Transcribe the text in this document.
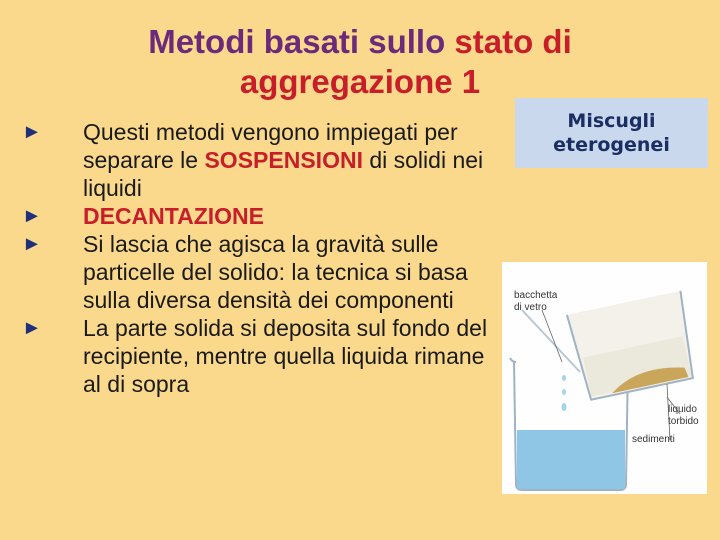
Metodi basati sullo stato di
aggregazione 1
► Questi metodi vengono impiegati per separare le SOSPENSIONI di solidi nei liquidi
► DECANTAZIONE
► Si lascia che agisca la gravità sulle particelle del solido: la tecnica si basa sulla diversa densità dei componenti
► La parte solida si deposita sul fondo del recipiente, mentre quella liquida rimane al di sopra
Miscugli
eterogenei
bacchetta
di vetro
liquido
torbido
sedimenti
